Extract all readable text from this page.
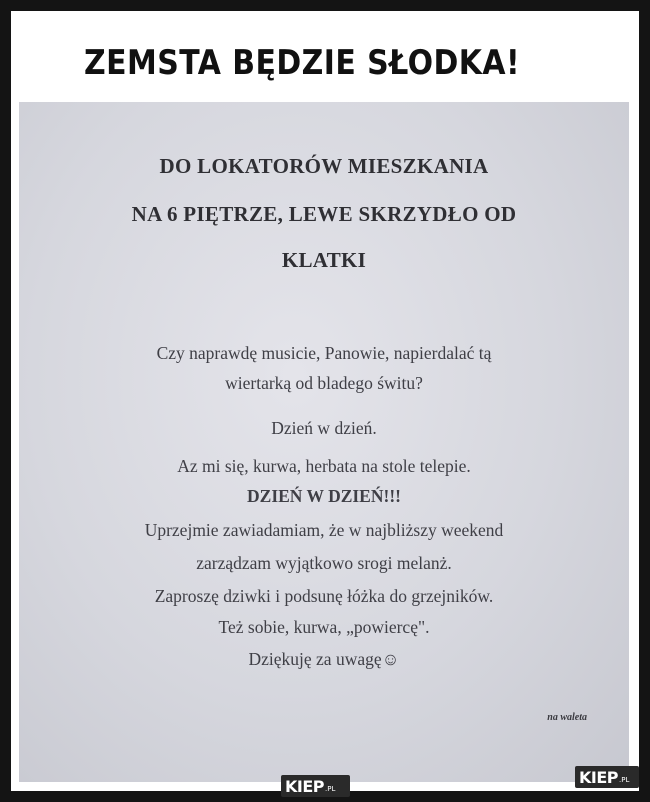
ZEMSTA BĘDZIE SŁODKA!
DO LOKATORÓW MIESZKANIA
NA 6 PIĘTRZE, LEWE SKRZYDŁO OD
KLATKI
Czy naprawdę musicie, Panowie, napierdalać tą
wiertarką od bladego świtu?
Dzień w dzień.
Az mi się, kurwa, herbata na stole telepie.
DZIEŃ W DZIEŃ!!!
Uprzejmie zawiadamiam, że w najbliższy weekend
zarządzam wyjątkowo srogi melanż.
Zaproszę dziwki i podsunę łóżka do grzejników.
Też sobie, kurwa, „powiercę".
Dziękuję za uwagę☺
na waleta
KIEP .PL
KIEP .PL
